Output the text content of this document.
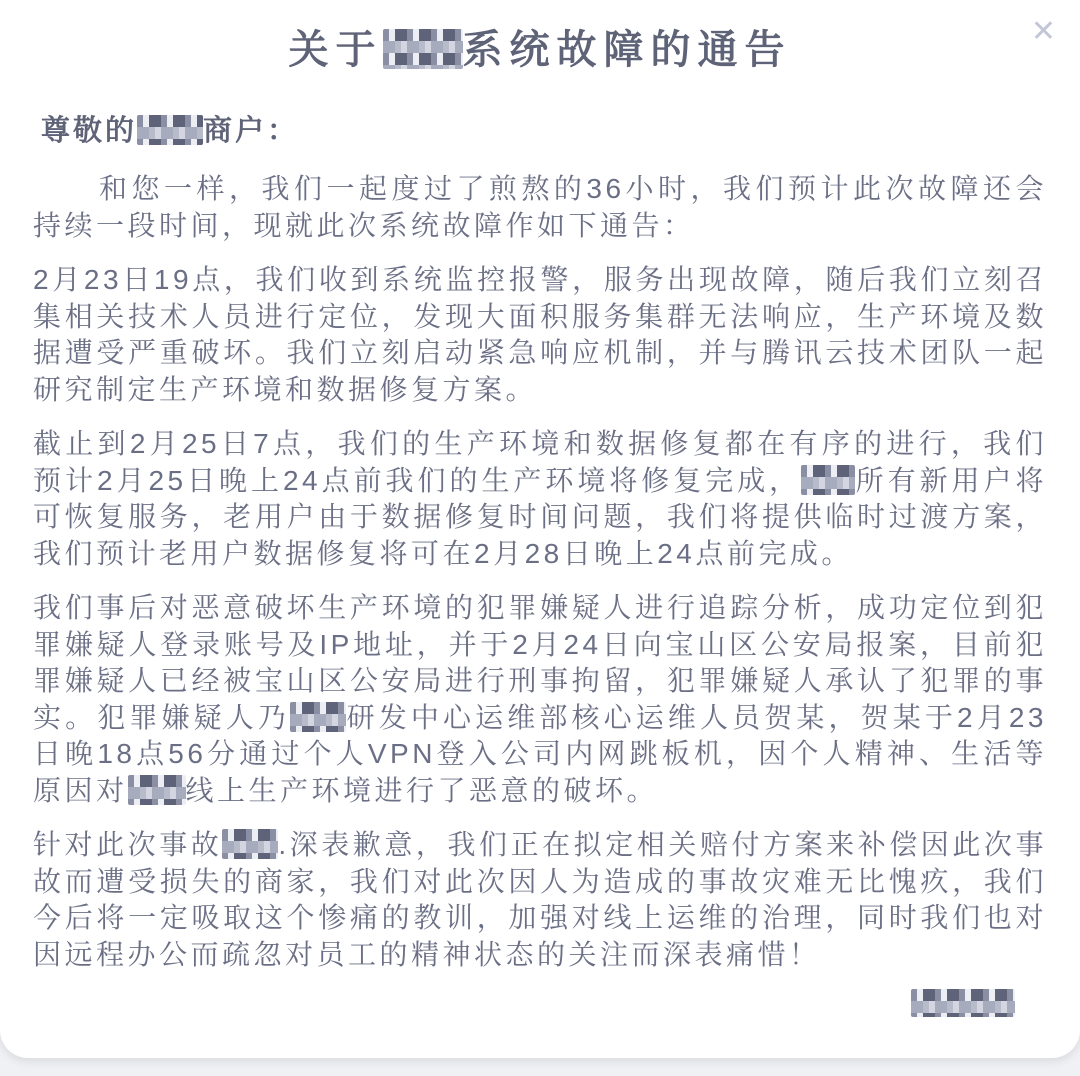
✕
关于 系统故障的通告
尊敬的 商户：

和您一样，我们一起度过了煎熬的36小时，我们预计此次故障还会持续一段时间，现就此次系统故障作如下通告：

2月23日19点，我们收到系统监控报警，服务出现故障，随后我们立刻召集相关技术人员进行定位，发现大面积服务集群无法响应，生产环境及数据遭受严重破坏。我们立刻启动紧急响应机制，并与腾讯云技术团队一起研究制定生产环境和数据修复方案。

截止到2月25日7点，我们的生产环境和数据修复都在有序的进行，我们预计2月25日晚上24点前我们的生产环境将修复完成， 所有新用户将可恢复服务，老用户由于数据修复时间问题，我们将提供临时过渡方案，我们预计老用户数据修复将可在2月28日晚上24点前完成。

我们事后对恶意破坏生产环境的犯罪嫌疑人进行追踪分析，成功定位到犯罪嫌疑人登录账号及IP地址，并于2月24日向宝山区公安局报案，目前犯罪嫌疑人已经被宝山区公安局进行刑事拘留，犯罪嫌疑人承认了犯罪的事实。犯罪嫌疑人乃 研发中心运维部核心运维人员贺某，贺某于2月23日晚18点56分通过个人VPN登入公司内网跳板机，因个人精神、生活等原因对 线上生产环境进行了恶意的破坏。

针对此次事故 .深表歉意，我们正在拟定相关赔付方案来补偿因此次事故而遭受损失的商家，我们对此次因人为造成的事故灾难无比愧疚，我们今后将一定吸取这个惨痛的教训，加强对线上运维的治理，同时我们也对因远程办公而疏忽对员工的精神状态的关注而深表痛惜！
